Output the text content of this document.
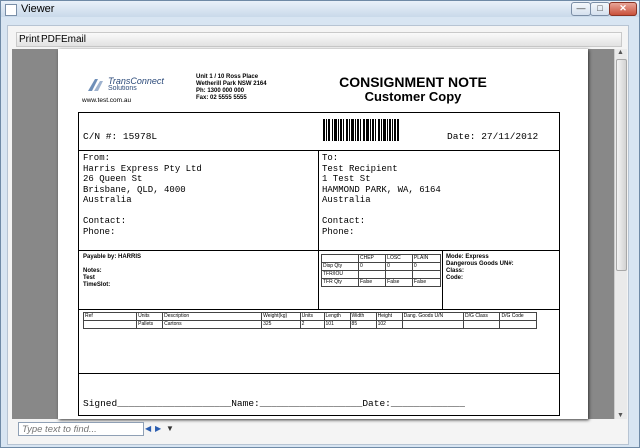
Viewer	—	□	✕
Print PDF Email
TransConnect
Solutions
www.test.com.au
Unit 1 / 10 Ross Place
Wetherill Park NSW 2164
Ph: 1300 000 000
Fax: 02 5555 5555
CONSIGNMENT NOTE
Customer Copy
C/N #: 15978L	Date: 27/11/2012
From:
Harris Express Pty Ltd
26 Queen St
Brisbane, QLD, 4000
Australia
Contact:
Phone:
To:
Test Recipient
1 Test St
HAMMOND PARK, WA, 6164
Australia
Contact:
Phone:
Payable by: HARRIS
Notes:
Test
TimeSlot:
	CHEP	LOSC	PLAIN
Disp Qty	0	0	0
TFR/IOU			
TFR Qty	False	False	False
Mode: Express
Dangerous Goods UN#:
Class:
Code:
Ref	Units	Description	Weight(kg)	Units	Length	Width	Height	Dang. Goods U/N	D/G Class	D/G Code
	Pallets	Cartons	325	2	101	85	102			
Signed____________________Name:__________________Date:_____________
▲
▼
Type text to find...
◀ ▶ ▼
